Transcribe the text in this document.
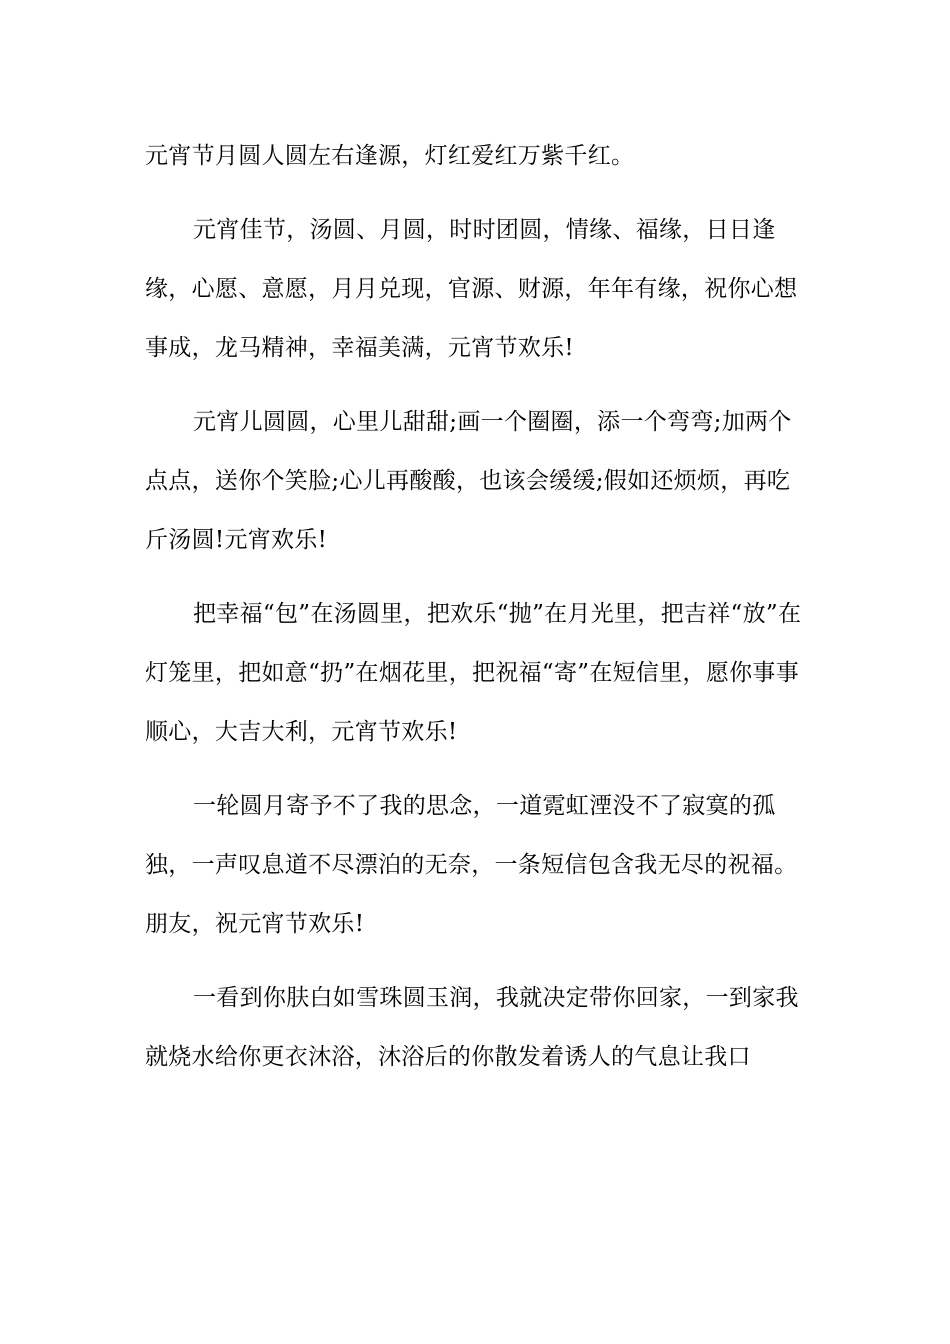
元宵节月圆人圆左右逢源，灯红爱红万紫千红。

元宵佳节，汤圆、月圆，时时团圆，情缘、福缘，日日逢缘，心愿、意愿，月月兑现，官源、财源，年年有缘，祝你心想事成，龙马精神，幸福美满，元宵节欢乐!

元宵儿圆圆，心里儿甜甜;画一个圈圈，添一个弯弯;加两个点点，送你个笑脸;心儿再酸酸，也该会缓缓;假如还烦烦，再吃斤汤圆!元宵欢乐!

把幸福“包”在汤圆里，把欢乐“抛”在月光里，把吉祥“放”在灯笼里，把如意“扔”在烟花里，把祝福“寄”在短信里，愿你事事顺心，大吉大利，元宵节欢乐!

一轮圆月寄予不了我的思念，一道霓虹湮没不了寂寞的孤独，一声叹息道不尽漂泊的无奈，一条短信包含我无尽的祝福。朋友，祝元宵节欢乐!

一看到你肤白如雪珠圆玉润，我就决定带你回家，一到家我就烧水给你更衣沐浴，沐浴后的你散发着诱人的气息让我口
